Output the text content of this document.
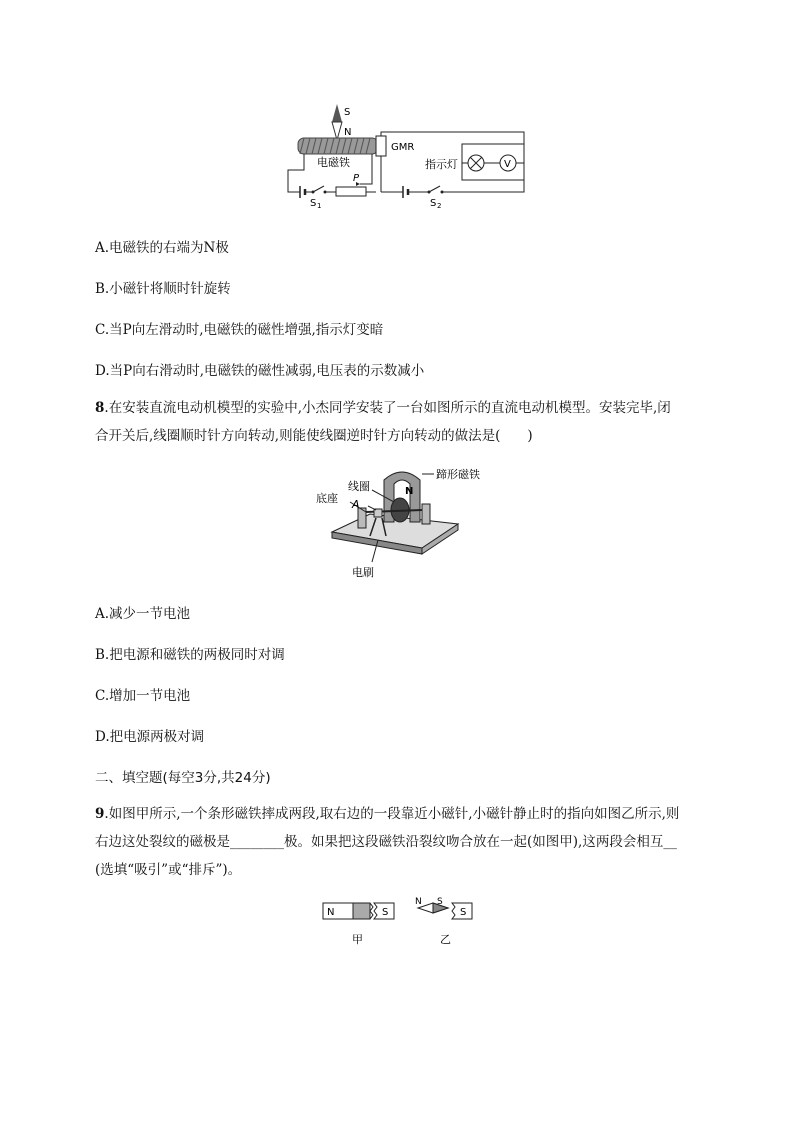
S
N
电磁铁
S 1
P
GMR
指示灯	V
S 2
A.电磁铁的右端为N极
B.小磁针将顺时针旋转
C.当P向左滑动时,电磁铁的磁性增强,指示灯变暗
D.当P向右滑动时,电磁铁的磁性减弱,电压表的示数减小
8.在安装直流电动机模型的实验中,小杰同学安装了一台如图所示的直流电动机模型。安装完毕,闭
合开关后,线圈顺时针方向转动,则能使线圈逆时针方向转动的做法是(　　)
N
蹄形磁铁
线圈
底座 A
电刷
A.减少一节电池
B.把电源和磁铁的两极同时对调
C.增加一节电池
D.把电源两极对调
二、填空题(每空3分,共24分)
9.如图甲所示,一个条形磁铁摔成两段,取右边的一段靠近小磁针,小磁针静止时的指向如图乙所示,则
右边这处裂纹的磁极是________极。如果把这段磁铁沿裂纹吻合放在一起(如图甲),这两段会相互__
(选填“吸引”或“排斥”)。
N	S
N S
S
甲	乙
